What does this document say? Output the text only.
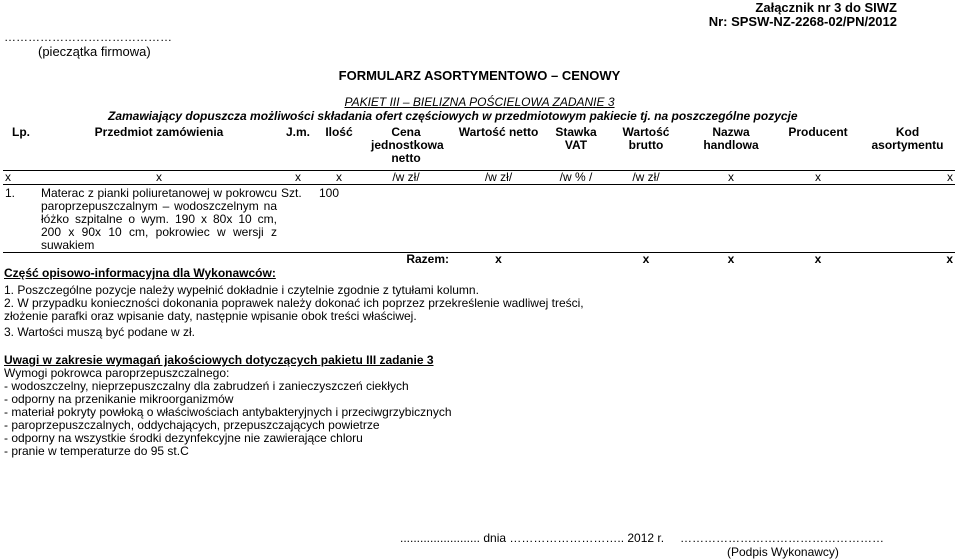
Załącznik nr 3 do SIWZ
Nr: SPSW-NZ-2268-02/PN/2012
……………………………………
(pieczątka firmowa)
FORMULARZ ASORTYMENTOWO – CENOWY
PAKIET III – BIELIZNA POŚCIELOWA ZADANIE 3
Zamawiający dopuszcza możliwości składania ofert częściowych w przedmiotowym pakiecie tj. na poszczególne pozycje
Lp.	Przedmiot zamówienia	J.m.	Ilość	Cena jednostkowa netto	Wartość netto	Stawka VAT	Wartość brutto	Nazwa handlowa	Producent	Kod asortymentu
x	x	x	x	/w zł/	/w zł/	/w % /	/w zł/	x	x	x
1.	Materac z pianki poliuretanowej w pokrowcu paroprzepuszczalnym – wodoszczelnym na łóżko szpitalne o wym. 190 x 80x 10 cm, 200 x 90x 10 cm, pokrowiec w wersji z suwakiem	Szt.	100							
				Razem:	x		x	x	x	x
Część opisowo-informacyjna dla Wykonawców:
1. Poszczególne pozycje należy wypełnić dokładnie i czytelnie zgodnie z tytułami kolumn.
2. W przypadku konieczności dokonania poprawek należy dokonać ich poprzez przekreślenie wadliwej treści, złożenie parafki oraz wpisanie daty, następnie wpisanie obok treści właściwej.
3. Wartości muszą być podane w zł.
Uwagi w zakresie wymagań jakościowych dotyczących pakietu III zadanie 3
Wymogi pokrowca paroprzepuszczalnego:
- wodoszczelny, nieprzepuszczalny dla zabrudzeń i zanieczyszczeń ciekłych
- odporny na przenikanie mikroorganizmów
- materiał pokryty powłoką o właściwościach antybakteryjnych i przeciwgrzybicznych
- paroprzepuszczalnych, oddychających, przepuszczających powietrze
- odporny na wszystkie środki dezynfekcyjne nie zawierające chloru
- pranie w temperaturze do 95 st.C
........................ dnia ……………………….. 2012 r. ……………………………………………
(Podpis Wykonawcy)
